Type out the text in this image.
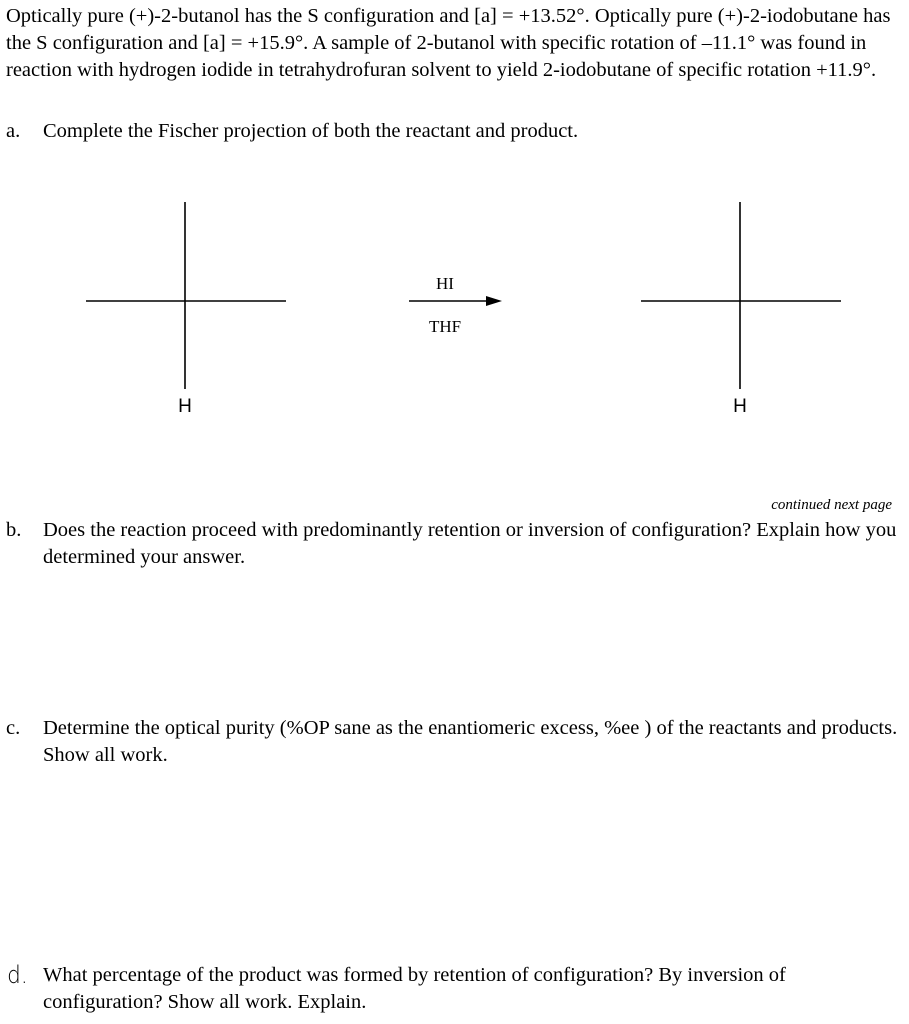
Optically pure (+)-2-butanol has the S configuration and [a] = +13.52°. Optically pure (+)-2-iodobutane has the S configuration and [a] = +15.9°. A sample of 2-butanol with specific rotation of –11.1° was found in reaction with hydrogen iodide in tetrahydrofuran solvent to yield 2-iodobutane of specific rotation +11.9°.

a. Complete the Fischer projection of both the reactant and product.
H
HI
THF
H
continued next page
b. Does the reaction proceed with predominantly retention or inversion of configuration? Explain how you determined your answer.
c. Determine the optical purity (%OP sane as the enantiomeric excess, %ee ) of the reactants and products. Show all work.
d. What percentage of the product was formed by retention of configuration? By inversion of configuration? Show all work. Explain.
